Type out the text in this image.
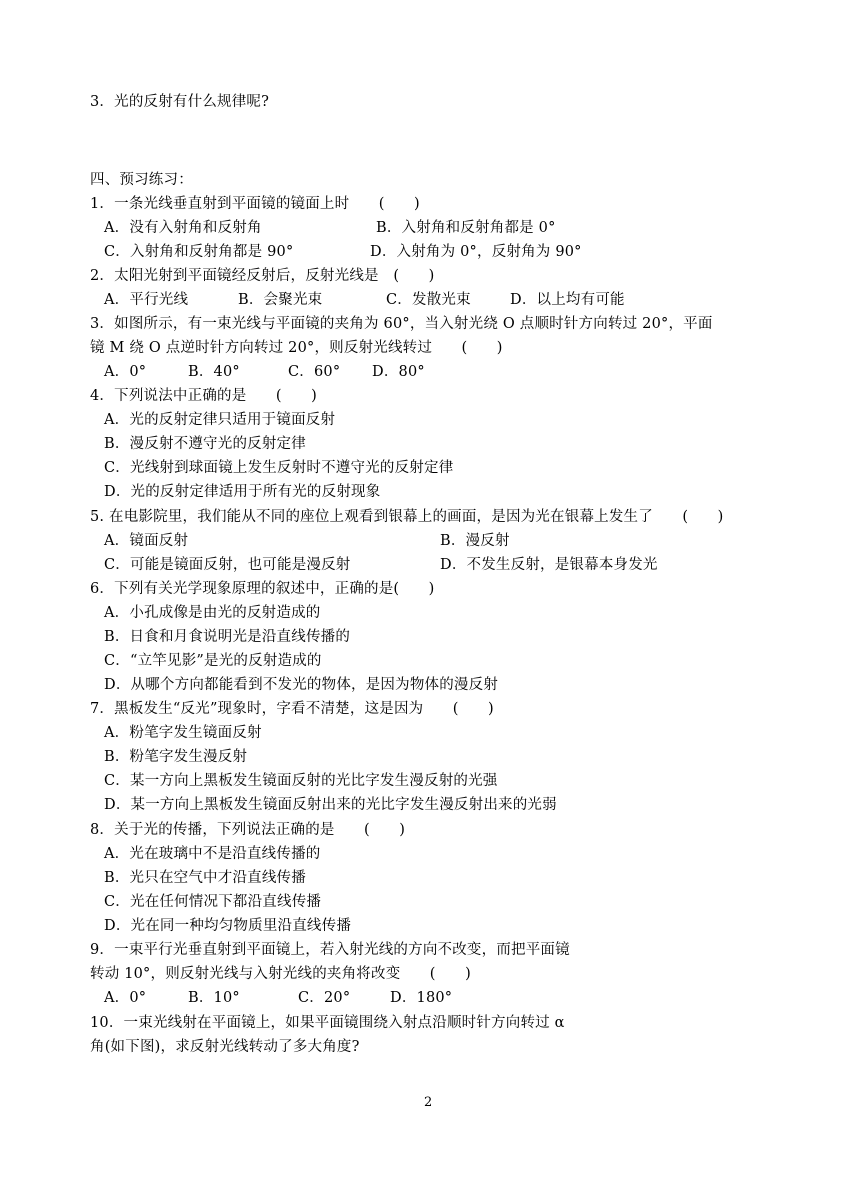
3．光的反射有什么规律呢?
四、预习练习：
1．一条光线垂直射到平面镜的镜面上时　　(　　)
A．没有入射角和反射角	B．入射角和反射角都是 0°
C．入射角和反射角都是 90°	D．入射角为 0°，反射角为 90°
2．太阳光射到平面镜经反射后，反射光线是　(　　)
A．平行光线	B．会聚光束	C．发散光束	D．以上均有可能
3．如图所示，有一束光线与平面镜的夹角为 60°，当入射光绕 O 点顺时针方向转过 20°，平面
镜 M 绕 O 点逆时针方向转过 20°，则反射光线转过　　(　　)
A．0°	B．40°	C．60° D．80°
4．下列说法中正确的是　　(　　)
A．光的反射定律只适用于镜面反射
B．漫反射不遵守光的反射定律
C．光线射到球面镜上发生反射时不遵守光的反射定律
D．光的反射定律适用于所有光的反射现象
5. 在电影院里，我们能从不同的座位上观看到银幕上的画面，是因为光在银幕上发生了　　(　　)
A．镜面反射	B．漫反射
C．可能是镜面反射，也可能是漫反射	D．不发生反射，是银幕本身发光
6．下列有关光学现象原理的叙述中，正确的是(　　)
A．小孔成像是由光的反射造成的
B．日食和月食说明光是沿直线传播的
C．“立竿见影”是光的反射造成的
D．从哪个方向都能看到不发光的物体，是因为物体的漫反射
7．黑板发生“反光”现象时，字看不清楚，这是因为　　(　　)
A．粉笔字发生镜面反射
B．粉笔字发生漫反射
C．某一方向上黑板发生镜面反射的光比字发生漫反射的光强
D．某一方向上黑板发生镜面反射出来的光比字发生漫反射出来的光弱
8．关于光的传播，下列说法正确的是　　(　　)
A．光在玻璃中不是沿直线传播的
B．光只在空气中才沿直线传播
C．光在任何情况下都沿直线传播
D．光在同一种均匀物质里沿直线传播
9．一束平行光垂直射到平面镜上，若入射光线的方向不改变，而把平面镜
转动 10°，则反射光线与入射光线的夹角将改变　　(　　)
A．0°	B．10°	C．20°	D．180°
10．一束光线射在平面镜上，如果平面镜围绕入射点沿顺时针方向转过 α
角(如下图)，求反射光线转动了多大角度?
2
